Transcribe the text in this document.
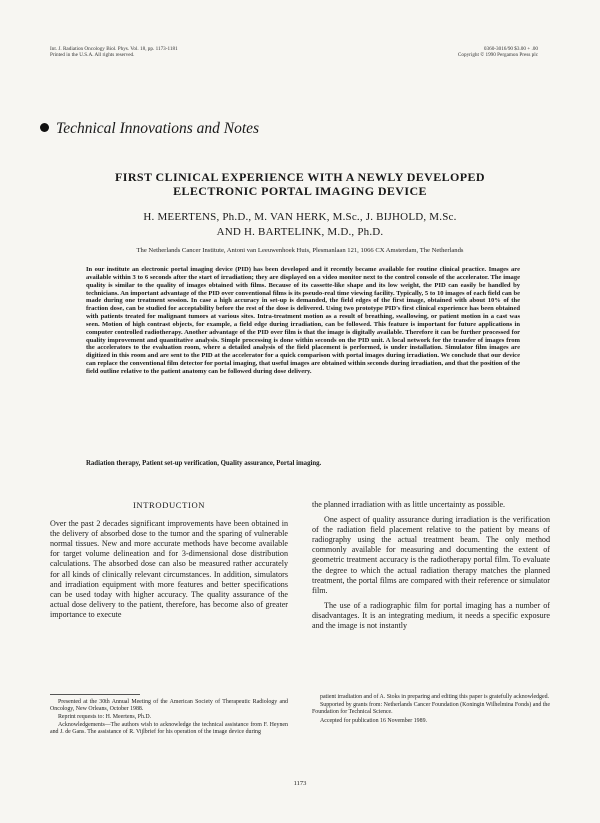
Int. J. Radiation Oncology Biol. Phys. Vol. 18, pp. 1173-1181
Printed in the U.S.A. All rights reserved.
0360-3016/90 $3.00 + .00
Copyright © 1990 Pergamon Press plc
Technical Innovations and Notes
FIRST CLINICAL EXPERIENCE WITH A NEWLY DEVELOPED
ELECTRONIC PORTAL IMAGING DEVICE
H. MEERTENS, Ph.D., M. VAN HERK, M.Sc., J. BIJHOLD, M.Sc.
AND H. BARTELINK, M.D., Ph.D.
The Netherlands Cancer Institute, Antoni van Leeuwenhoek Huis, Plesmanlaan 121, 1066 CX Amsterdam, The Netherlands
In our institute an electronic portal imaging device (PID) has been developed and it recently became available for routine clinical practice. Images are available within 3 to 6 seconds after the start of irradiation; they are displayed on a video monitor next to the control console of the accelerator. The image quality is similar to the quality of images obtained with films. Because of its cassette-like shape and its low weight, the PID can easily be handled by technicians. An important advantage of the PID over conventional films is its pseudo-real time viewing facility. Typically, 5 to 10 images of each field can be made during one treatment session. In case a high accuracy in set-up is demanded, the field edges of the first image, obtained with about 10% of the fraction dose, can be studied for acceptability before the rest of the dose is delivered. Using two prototype PID's first clinical experience has been obtained with patients treated for malignant tumors at various sites. Intra-treatment motion as a result of breathing, swallowing, or patient motion in a cast was seen. Motion of high contrast objects, for example, a field edge during irradiation, can be followed. This feature is important for future applications in computer controlled radiotherapy. Another advantage of the PID over film is that the image is digitally available. Therefore it can be further processed for quality improvement and quantitative analysis. Simple processing is done within seconds on the PID unit. A local network for the transfer of images from the accelerators to the evaluation room, where a detailed analysis of the field placement is performed, is under installation. Simulator film images are digitized in this room and are sent to the PID at the accelerator for a quick comparison with portal images during irradiation. We conclude that our device can replace the conventional film detector for portal imaging, that useful images are obtained within seconds during irradiation, and that the position of the field outline relative to the patient anatomy can be followed during dose delivery.
Radiation therapy, Patient set-up verification, Quality assurance, Portal imaging.
INTRODUCTION

Over the past 2 decades significant improvements have been obtained in the delivery of absorbed dose to the tumor and the sparing of vulnerable normal tissues. New and more accurate methods have become available for target volume delineation and for 3-dimensional dose distribution calculations. The absorbed dose can also be measured rather accurately for all kinds of clinically relevant circumstances. In addition, simulators and irradiation equipment with more features and better specifications can be used today with higher accuracy. The quality assurance of the actual dose delivery to the patient, therefore, has become also of greater importance to execute

the planned irradiation with as little uncertainty as possible.

One aspect of quality assurance during irradiation is the verification of the radiation field placement relative to the patient by means of radiography using the actual treatment beam. The only method commonly available for measuring and documenting the extent of geometric treatment accuracy is the radiotherapy portal film. To evaluate the degree to which the actual radiation therapy matches the planned treatment, the portal films are compared with their reference or simulator film.

The use of a radiographic film for portal imaging has a number of disadvantages. It is an integrating medium, it needs a specific exposure and the image is not instantly

Presented at the 30th Annual Meeting of the American Society of Therapeutic Radiology and Oncology, New Orleans, October 1988.

Reprint requests to: H. Meertens, Ph.D.

Acknowledgements—The authors wish to acknowledge the technical assistance from F. Heynen and J. de Gans. The assistance of R. Vijlbrief for his operation of the image device during

patient irradiation and of A. Stoks in preparing and editing this paper is gratefully acknowledged.

Supported by grants from: Netherlands Cancer Foundation (Koningin Wilhelmina Fonds) and the Foundation for Technical Science.

Accepted for publication 16 November 1989.

1173
